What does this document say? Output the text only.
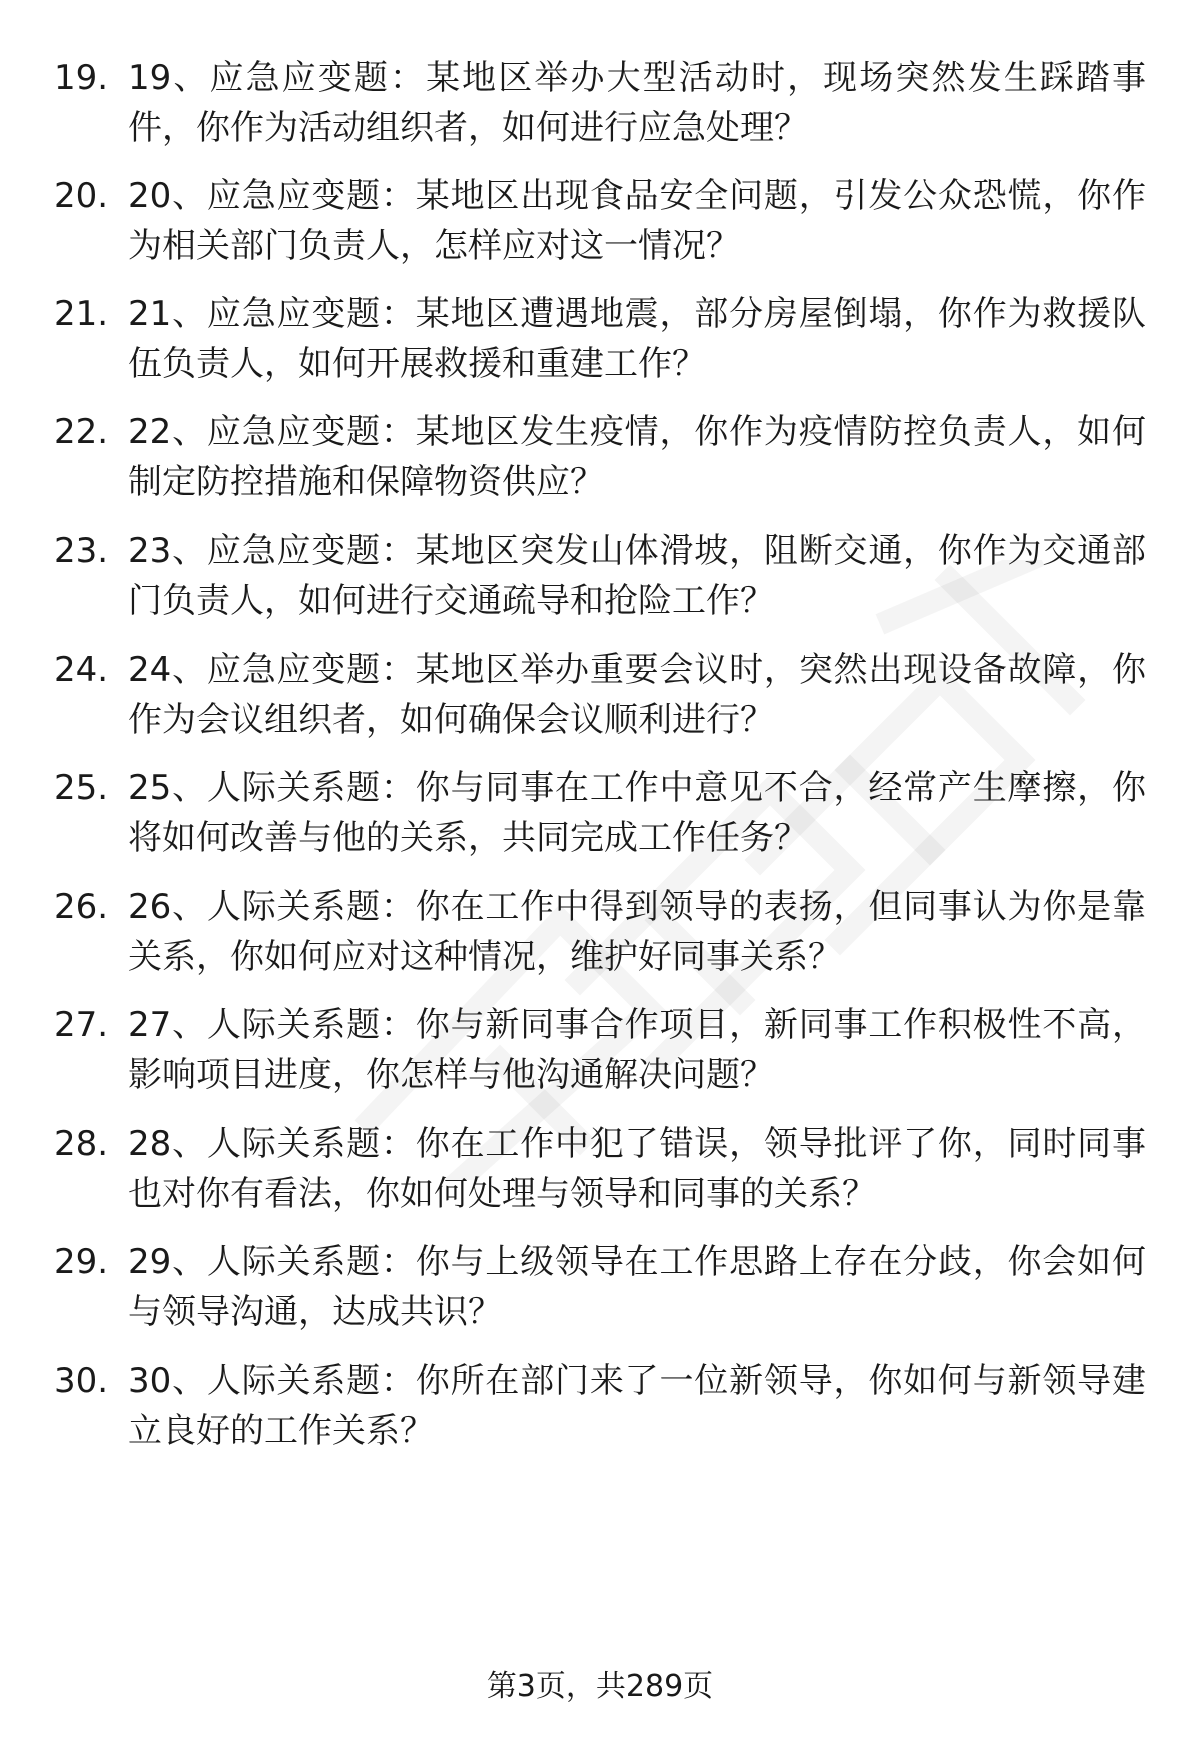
19. 19、应急应变题：某地区举办大型活动时，现场突然发生踩踏事件，你作为活动组织者，如何进行应急处理？
20. 20、应急应变题：某地区出现食品安全问题，引发公众恐慌，你作为相关部门负责人，怎样应对这一情况？
21. 21、应急应变题：某地区遭遇地震，部分房屋倒塌，你作为救援队伍负责人，如何开展救援和重建工作？
22. 22、应急应变题：某地区发生疫情，你作为疫情防控负责人，如何制定防控措施和保障物资供应？
23. 23、应急应变题：某地区突发山体滑坡，阻断交通，你作为交通部门负责人，如何进行交通疏导和抢险工作？
24. 24、应急应变题：某地区举办重要会议时，突然出现设备故障，你作为会议组织者，如何确保会议顺利进行？
25. 25、人际关系题：你与同事在工作中意见不合，经常产生摩擦，你将如何改善与他的关系，共同完成工作任务？
26. 26、人际关系题：你在工作中得到领导的表扬，但同事认为你是靠关系，你如何应对这种情况，维护好同事关系？
27. 27、人际关系题：你与新同事合作项目，新同事工作积极性不高，影响项目进度，你怎样与他沟通解决问题？
28. 28、人际关系题：你在工作中犯了错误，领导批评了你，同时同事也对你有看法，你如何处理与领导和同事的关系？
29. 29、人际关系题：你与上级领导在工作思路上存在分歧，你会如何与领导沟通，达成共识？
30. 30、人际关系题：你所在部门来了一位新领导，你如何与新领导建立良好的工作关系？
第3页，共289页
